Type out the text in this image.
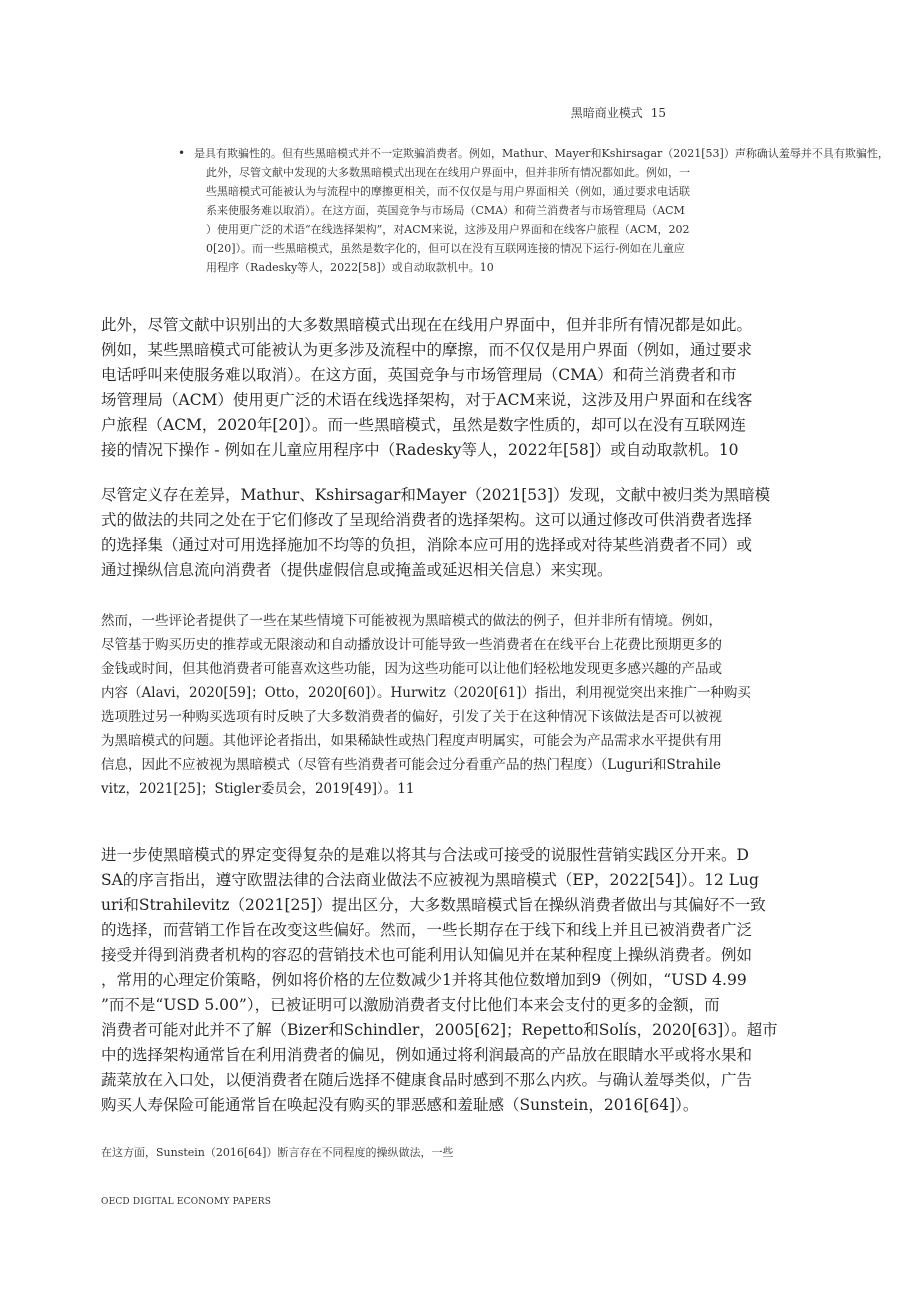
黑暗商业模式 15
• 是具有欺骗性的。但有些黑暗模式并不一定欺骗消费者。例如，Mathur、Mayer和Kshirsagar（2021[53]）声称确认羞辱并不具有欺骗性，
此外，尽管文献中发现的大多数黑暗模式出现在在线用户界面中，但并非所有情况都如此。例如，一
些黑暗模式可能被认为与流程中的摩擦更相关，而不仅仅是与用户界面相关（例如，通过要求电话联
系来使服务难以取消）。在这方面，英国竞争与市场局（CMA）和荷兰消费者与市场管理局（ACM
）使用更广泛的术语“在线选择架构”，对ACM来说，这涉及用户界面和在线客户旅程（ACM，202
0[20]）。而一些黑暗模式，虽然是数字化的，但可以在没有互联网连接的情况下运行-例如在儿童应
用程序（Radesky等人，2022[58]）或自动取款机中。10
此外，尽管文献中识别出的大多数黑暗模式出现在在线用户界面中，但并非所有情况都是如此。
例如，某些黑暗模式可能被认为更多涉及流程中的摩擦，而不仅仅是用户界面（例如，通过要求
电话呼叫来使服务难以取消）。在这方面，英国竞争与市场管理局（CMA）和荷兰消费者和市
场管理局（ACM）使用更广泛的术语在线选择架构，对于ACM来说，这涉及用户界面和在线客
户旅程（ACM，2020年[20]）。而一些黑暗模式，虽然是数字性质的，却可以在没有互联网连
接的情况下操作 - 例如在儿童应用程序中（Radesky等人，2022年[58]）或自动取款机。10
尽管定义存在差异，Mathur、Kshirsagar和Mayer（2021[53]）发现，文献中被归类为黑暗模
式的做法的共同之处在于它们修改了呈现给消费者的选择架构。这可以通过修改可供消费者选择
的选择集（通过对可用选择施加不均等的负担，消除本应可用的选择或对待某些消费者不同）或
通过操纵信息流向消费者（提供虚假信息或掩盖或延迟相关信息）来实现。
然而，一些评论者提供了一些在某些情境下可能被视为黑暗模式的做法的例子，但并非所有情境。例如，
尽管基于购买历史的推荐或无限滚动和自动播放设计可能导致一些消费者在在线平台上花费比预期更多的
金钱或时间，但其他消费者可能喜欢这些功能，因为这些功能可以让他们轻松地发现更多感兴趣的产品或
内容（Alavi，2020[59]；Otto，2020[60]）。Hurwitz（2020[61]）指出，利用视觉突出来推广一种购买
选项胜过另一种购买选项有时反映了大多数消费者的偏好，引发了关于在这种情况下该做法是否可以被视
为黑暗模式的问题。其他评论者指出，如果稀缺性或热门程度声明属实，可能会为产品需求水平提供有用
信息，因此不应被视为黑暗模式（尽管有些消费者可能会过分看重产品的热门程度）（Luguri和Strahile
vitz，2021[25]；Stigler委员会，2019[49]）。11
进一步使黑暗模式的界定变得复杂的是难以将其与合法或可接受的说服性营销实践区分开来。D
SA的序言指出，遵守欧盟法律的合法商业做法不应被视为黑暗模式（EP，2022[54]）。12 Lug
uri和Strahilevitz（2021[25]）提出区分，大多数黑暗模式旨在操纵消费者做出与其偏好不一致
的选择，而营销工作旨在改变这些偏好。然而，一些长期存在于线下和线上并且已被消费者广泛
接受并得到消费者机构的容忍的营销技术也可能利用认知偏见并在某种程度上操纵消费者。例如
，常用的心理定价策略，例如将价格的左位数减少1并将其他位数增加到9（例如，“USD 4.99
”而不是“USD 5.00”），已被证明可以激励消费者支付比他们本来会支付的更多的金额，而
消费者可能对此并不了解（Bizer和Schindler，2005[62]；Repetto和Solís，2020[63]）。超市
中的选择架构通常旨在利用消费者的偏见，例如通过将利润最高的产品放在眼睛水平或将水果和
蔬菜放在入口处，以便消费者在随后选择不健康食品时感到不那么内疚。与确认羞辱类似，广告
购买人寿保险可能通常旨在唤起没有购买的罪恶感和羞耻感（Sunstein，2016[64]）。
在这方面，Sunstein（2016[64]）断言存在不同程度的操纵做法，一些
OECD DIGITAL ECONOMY PAPERS
